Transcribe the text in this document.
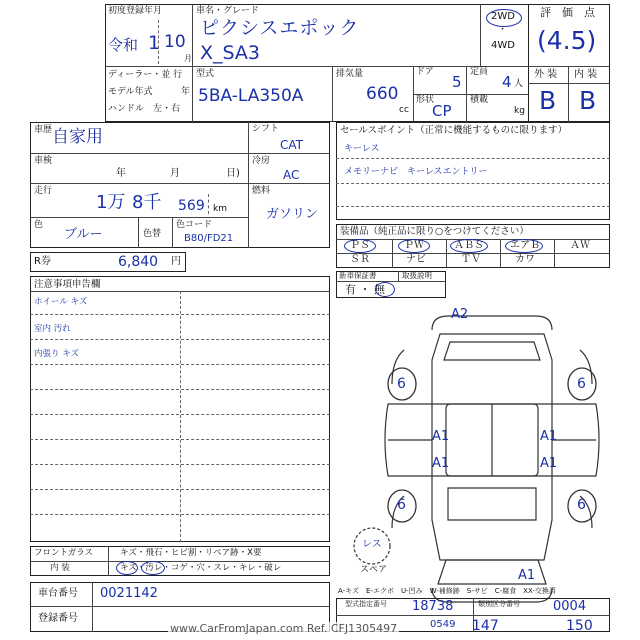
初度登録年月
令和 1 10
月
車名・グレード
ピクシスエポック
X_SA3
2WD
・
4WD
評　価　点
(4.5)
外 装 内 装
B B
ディーラー・並 行
モデル年式	年
ハンドル　左・右
型式
5BA-LA350A
排気量
660
cc
ドア
5
形状
CP
定員
4 人
積載
kg
車歴 自家用
車検
年	月	日)
走行
1万 8千 569 km
色
ブルー	色替
色コード
B80/FD21
シフト
CAT
冷房
AC
燃料
ガソリン
R券	6,840 円
セールスポイント（正常に機能するものに限ります）
キーレス
メモリーナビ　キーレスエントリー
装備品（純正品に限り○をつけてください）
ＰＳ	ＰＷ	ＡＢＳ	エアＢ	ＡＷ
ＳＲ	ナビ	ＴＶ	カワ
新車保証書	取扱説明
有 ・ 無
注意事項申告欄
ホイール キズ
室内 汚れ
内張り キズ
A2
6	6
A1	A1
A1	A1
6	6
A1
レス
スペア
A-キズ　E-エクボ　U-凹み　W-補修跡　S-サビ　C-腐食　XX-交換済
フロントガラス	キズ・飛石・ヒビ割・リペア跡・X要
内 装	キズ・汚レ・コゲ・穴・スレ・キレ・破レ
車台番号 0021142
登録番号
型式指定番号 18738	類別区分番号	0004
0549 147	150
www.CarFromJapan.com Ref. CFJ1305497
